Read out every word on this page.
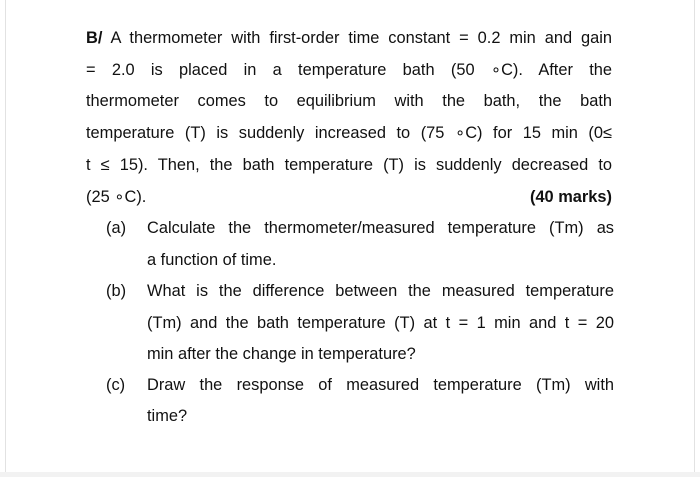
B/ A thermometer with first-order time constant = 0.2 min and gain
= 2.0 is placed in a temperature bath (50 ∘C). After the
thermometer comes to equilibrium with the bath, the bath
temperature (T) is suddenly increased to (75 ∘C) for 15 min (0≤
t ≤ 15). Then, the bath temperature (T) is suddenly decreased to
(25 ∘C).	(40 marks)
(a) Calculate the thermometer/measured temperature (Tm) as
a function of time.
(b) What is the difference between the measured temperature
(Tm) and the bath temperature (T) at t = 1 min and t = 20
min after the change in temperature?
(c) Draw the response of measured temperature (Tm) with
time?
